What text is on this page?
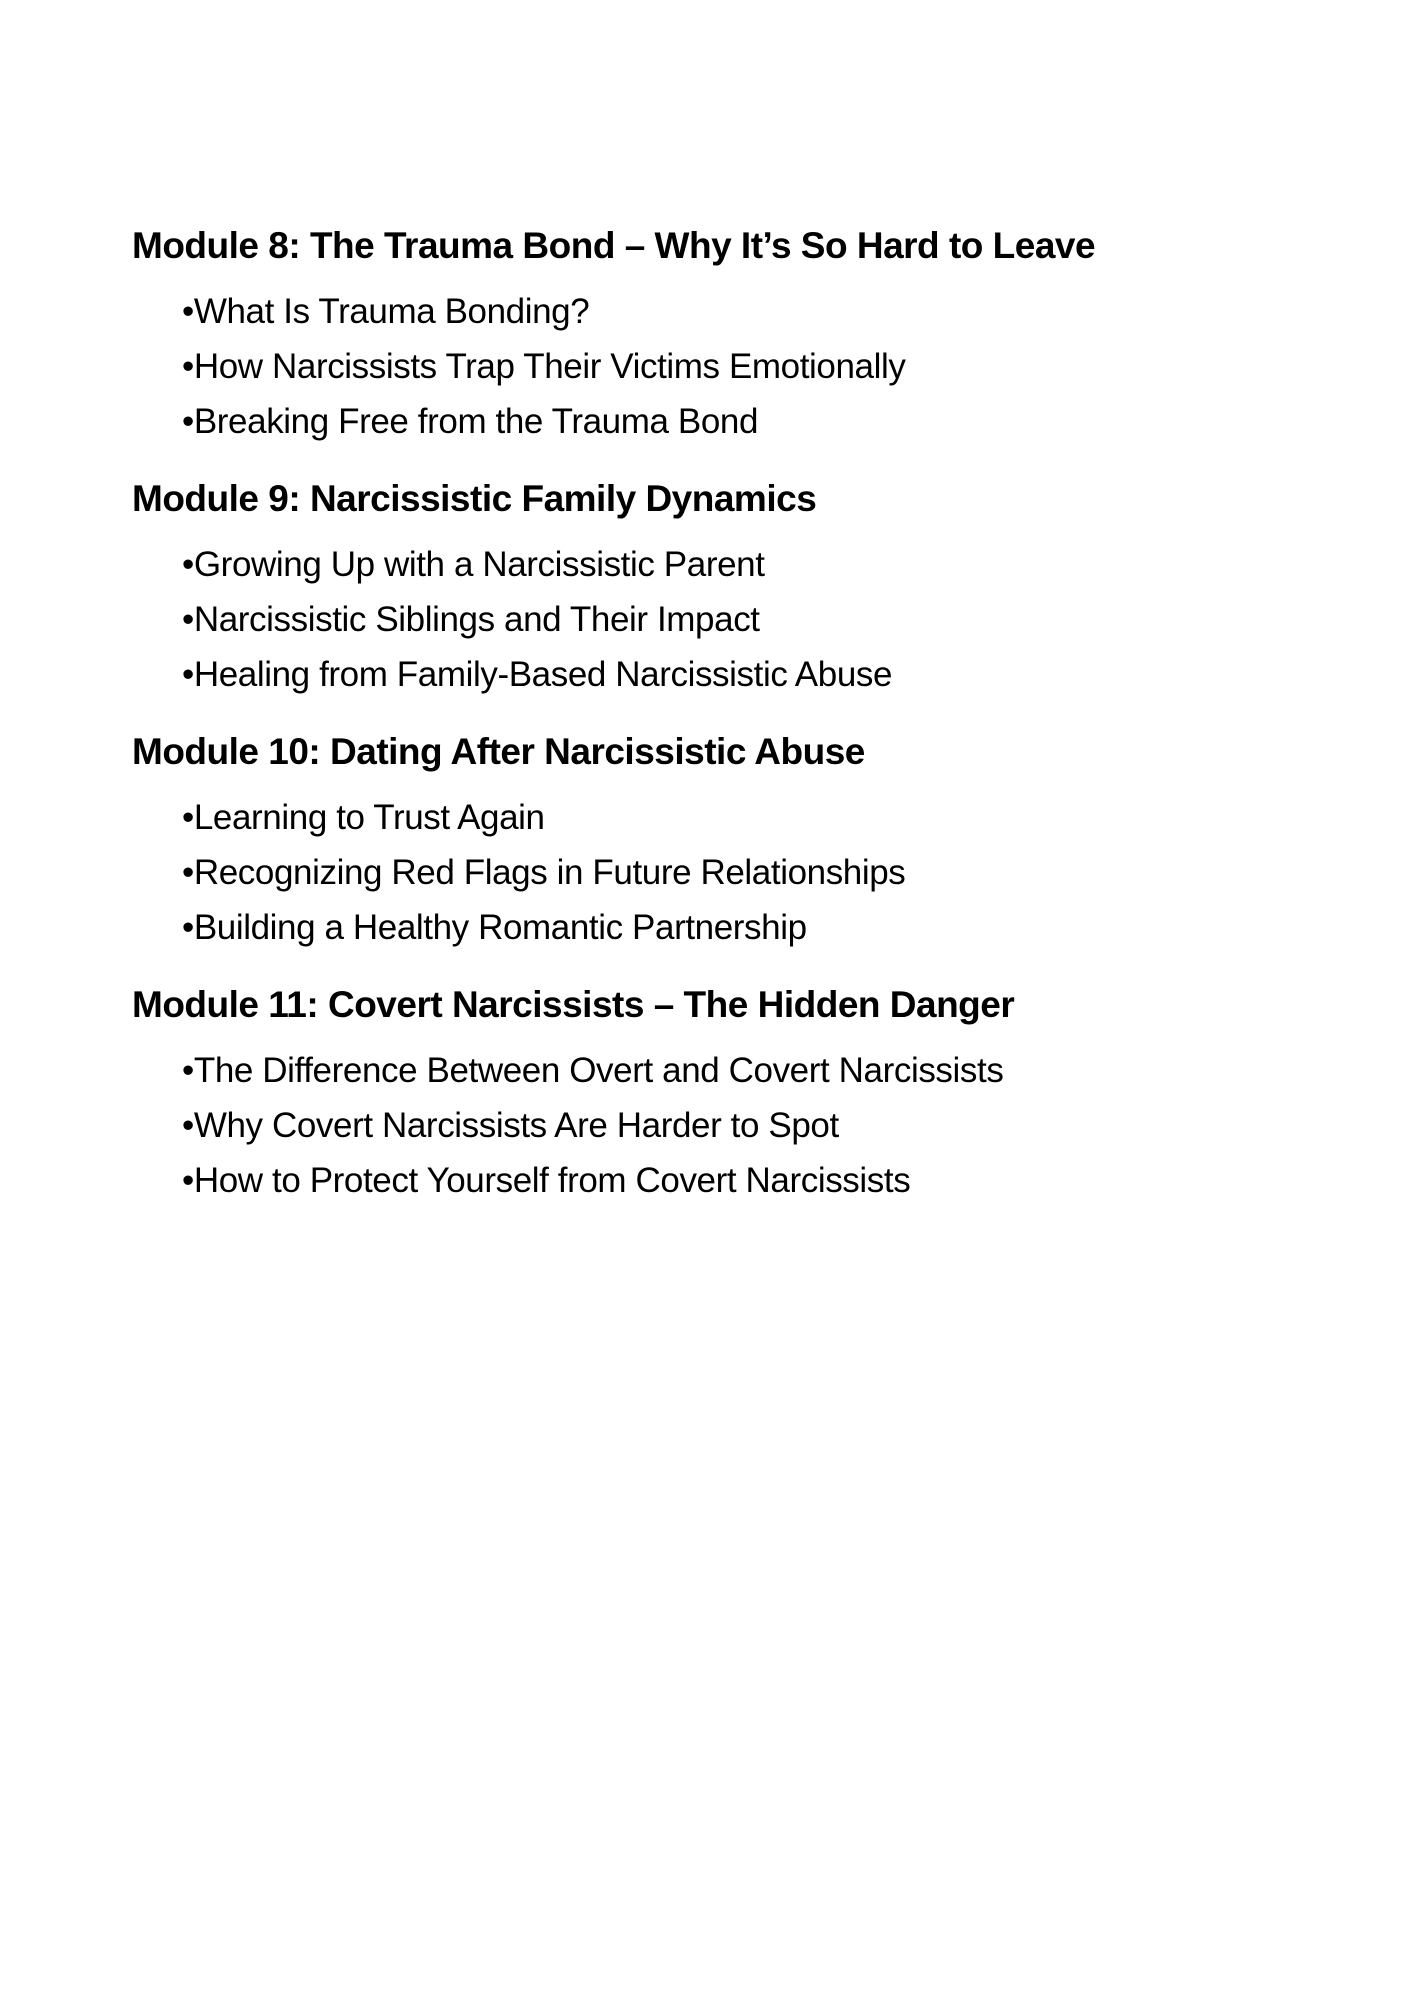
Module 8: The Trauma Bond – Why It’s So Hard to Leave
•What Is Trauma Bonding?
•How Narcissists Trap Their Victims Emotionally
•Breaking Free from the Trauma Bond
Module 9: Narcissistic Family Dynamics
•Growing Up with a Narcissistic Parent
•Narcissistic Siblings and Their Impact
•Healing from Family-Based Narcissistic Abuse
Module 10: Dating After Narcissistic Abuse
•Learning to Trust Again
•Recognizing Red Flags in Future Relationships
•Building a Healthy Romantic Partnership
Module 11: Covert Narcissists – The Hidden Danger
•The Difference Between Overt and Covert Narcissists
•Why Covert Narcissists Are Harder to Spot
•How to Protect Yourself from Covert Narcissists
